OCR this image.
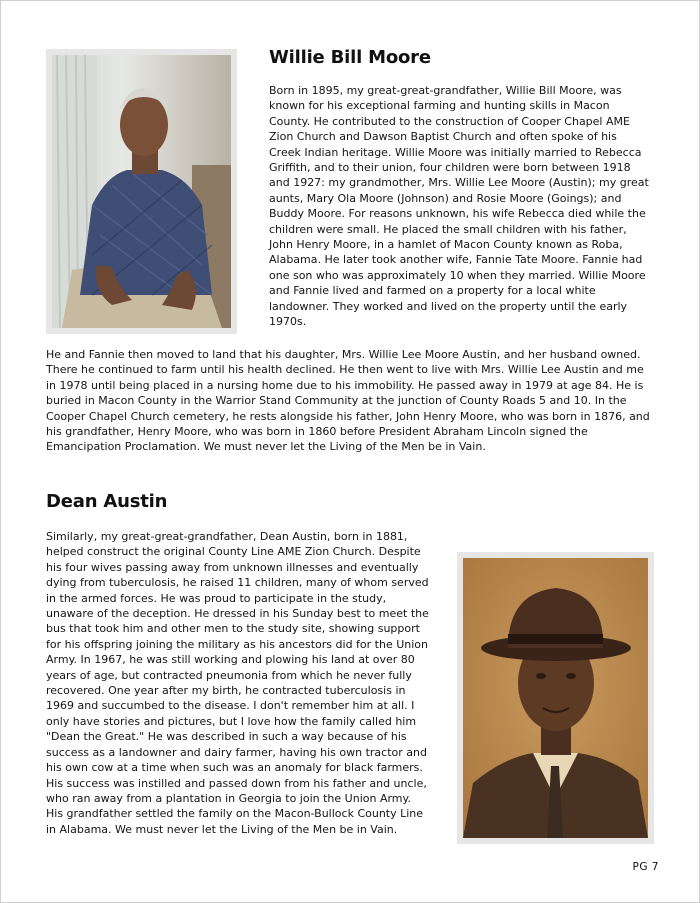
Willie Bill Moore

Born in 1895, my great-great-grandfather, Willie Bill Moore, was known for his exceptional farming and hunting skills in Macon County. He contributed to the construction of Cooper Chapel AME Zion Church and Dawson Baptist Church and often spoke of his Creek Indian heritage. Willie Moore was initially married to Rebecca Griffith, and to their union, four children were born between 1918 and 1927: my grandmother, Mrs. Willie Lee Moore (Austin); my great aunts, Mary Ola Moore (Johnson) and Rosie Moore (Goings); and Buddy Moore. For reasons unknown, his wife Rebecca died while the children were small. He placed the small children with his father, John Henry Moore, in a hamlet of Macon County known as Roba, Alabama. He later took another wife, Fannie Tate Moore. Fannie had one son who was approximately 10 when they married. Willie Moore and Fannie lived and farmed on a property for a local white landowner. They worked and lived on the property until the early 1970s.

He and Fannie then moved to land that his daughter, Mrs. Willie Lee Moore Austin, and her husband owned. There he continued to farm until his health declined. He then went to live with Mrs. Willie Lee Austin and me in 1978 until being placed in a nursing home due to his immobility. He passed away in 1979 at age 84. He is buried in Macon County in the Warrior Stand Community at the junction of County Roads 5 and 10. In the Cooper Chapel Church cemetery, he rests alongside his father, John Henry Moore, who was born in 1876, and his grandfather, Henry Moore, who was born in 1860 before President Abraham Lincoln signed the Emancipation Proclamation. We must never let the Living of the Men be in Vain.

Dean Austin

Similarly, my great-great-grandfather, Dean Austin, born in 1881, helped construct the original County Line AME Zion Church. Despite his four wives passing away from unknown illnesses and eventually dying from tuberculosis, he raised 11 children, many of whom served in the armed forces. He was proud to participate in the study, unaware of the deception. He dressed in his Sunday best to meet the bus that took him and other men to the study site, showing support for his offspring joining the military as his ancestors did for the Union Army. In 1967, he was still working and plowing his land at over 80 years of age, but contracted pneumonia from which he never fully recovered. One year after my birth, he contracted tuberculosis in 1969 and succumbed to the disease. I don't remember him at all. I only have stories and pictures, but I love how the family called him "Dean the Great." He was described in such a way because of his success as a landowner and dairy farmer, having his own tractor and his own cow at a time when such was an anomaly for black farmers. His success was instilled and passed down from his father and uncle, who ran away from a plantation in Georgia to join the Union Army. His grandfather settled the family on the Macon-Bullock County Line in Alabama. We must never let the Living of the Men be in Vain.

PG 7
